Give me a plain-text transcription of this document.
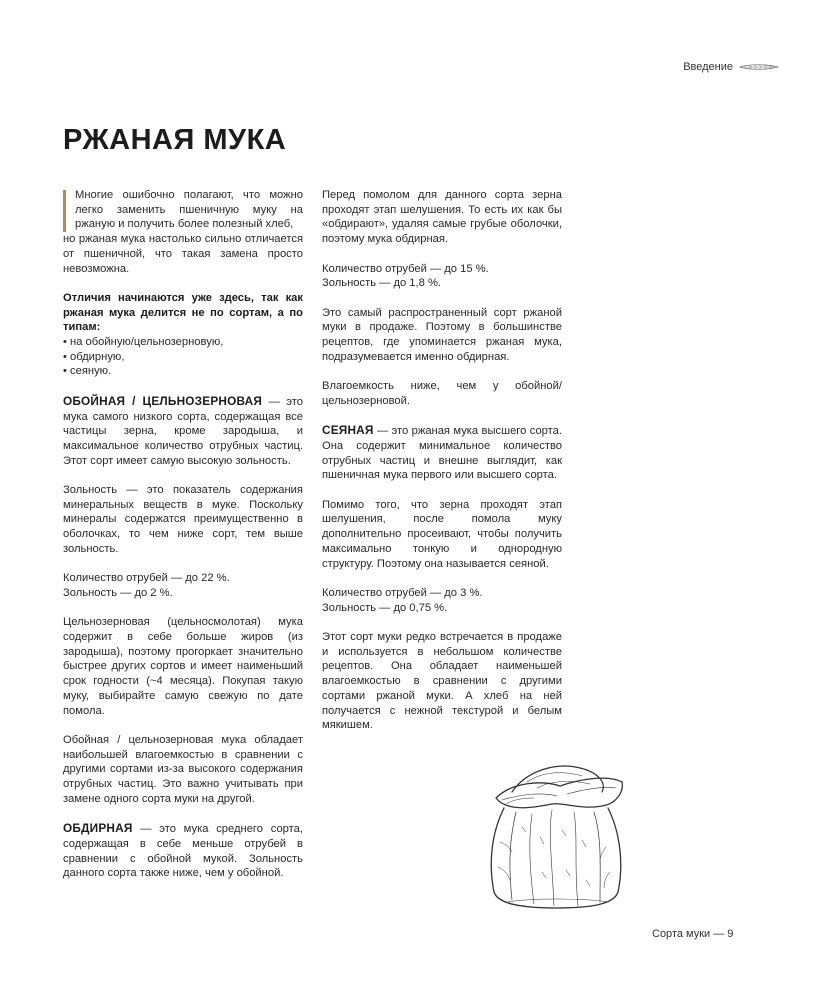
Введение
РЖАНАЯ МУКА

Многие ошибочно полагают, что можно легко заменить пшеничную муку на ржаную и получить более полезный хлеб,

но ржаная мука настолько сильно отличается от пшеничной, что такая замена просто невозможна.

Отличия начинаются уже здесь, так как ржаная мука делится не по сортам, а по типам:

• на обойную/цельнозерновую,
• обдирную,
• сеяную.

ОБОЙНАЯ / ЦЕЛЬНОЗЕРНОВАЯ — это мука самого низкого сорта, содержащая все частицы зерна, кроме зародыша, и максимальное количество отрубных частиц. Этот сорт имеет самую высокую зольность.

Зольность — это показатель содержания минеральных веществ в муке. Поскольку минералы содержатся преимущественно в оболочках, то чем ниже сорт, тем выше зольность.

Количество отрубей — до 22 %.
Зольность — до 2 %.

Цельнозерновая (цельносмолотая) мука содержит в себе больше жиров (из зародыша), поэтому прогоркает значительно быстрее других сортов и имеет наименьший срок годности (~4 месяца). Покупая такую муку, выбирайте самую свежую по дате помола.

Обойная / цельнозерновая мука обладает наибольшей влагоемкостью в сравнении с другими сортами из-за высокого содержания отрубных частиц. Это важно учитывать при замене одного сорта муки на другой.

ОБДИРНАЯ — это мука среднего сорта, содержащая в себе меньше отрубей в сравнении с обойной мукой. Зольность данного сорта также ниже, чем у обойной.

Перед помолом для данного сорта зерна проходят этап шелушения. То есть их как бы «обдирают», удаляя самые грубые оболочки, поэтому мука обдирная.

Количество отрубей — до 15 %.
Зольность — до 1,8 %.

Это самый распространенный сорт ржаной муки в продаже. Поэтому в большинстве рецептов, где упоминается ржаная мука, подразумевается именно обдирная.

Влагоемкость ниже, чем у обойной/цельнозерновой.

СЕЯНАЯ — это ржаная мука высшего сорта. Она содержит минимальное количество отрубных частиц и внешне выглядит, как пшеничная мука первого или высшего сорта.

Помимо того, что зерна проходят этап шелушения, после помола муку дополнительно просеивают, чтобы получить максимально тонкую и однородную структуру. Поэтому она называется сеяной.

Количество отрубей — до 3 %.
Зольность — до 0,75 %.

Этот сорт муки редко встречается в продаже и используется в небольшом количестве рецептов. Она обладает наименьшей влагоемкостью в сравнении с другими сортами ржаной муки. А хлеб на ней получается с нежной текстурой и белым мякишем.

Сорта муки — 9
